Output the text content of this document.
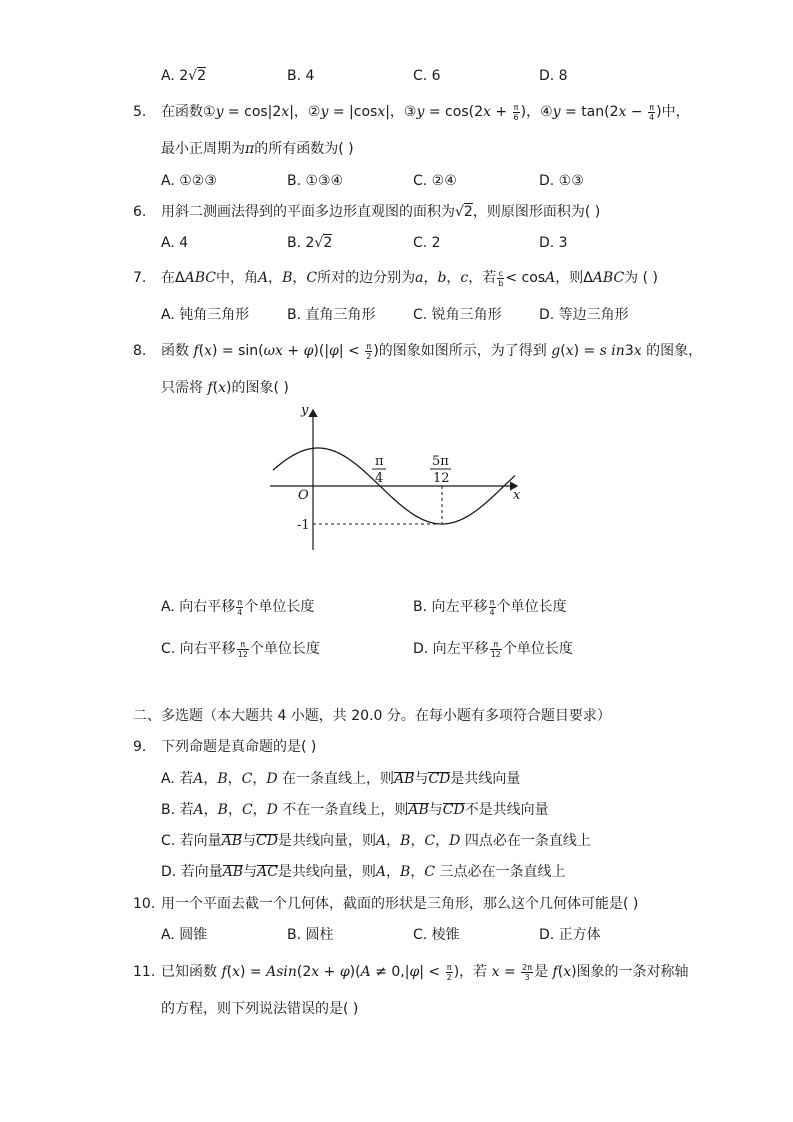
A. 2√2	B. 4	C. 6	D. 8
5. 在函数①y = cos|2x|，②y = |cosx|，③y = $\cos(2x + \frac{\pi}{6}$ )，④y = $\tan(2x - \frac{\pi}{4}$ )中，
最小正周期为π的所有函数为( )
A. ①②③	B. ①③④	C. ②④	D. ①③
6. 用斜二测画法得到的平面多边形直观图的面积为√2，则原图形面积为( )
A. 4	B. 2√2	C. 2	D. 3
7. 在ΔABC中，角A，B，C所对的边分别为a，b，c，若 $\frac{c}{b} < \cos A$，则ΔABC为 ( )
A. 钝角三角形	B. 直角三角形	C. 锐角三角形	D. 等边三角形
8. 函数 $f(x) = \sin(\omega x + \varphi)(|\varphi| < \frac{\pi}{2}$ )的图象如图所示，为了得到 g(x) = s in3x 的图象，
只需将 f(x)的图象( )
y
x
O
π
4
5π
12
-1
A. 向右平移 $\frac{\pi}{4}$ 个单位长度	B. 向左平移 $\frac{\pi}{4}$ 个单位长度
C. 向右平移 $\frac{\pi}{12}$ 个单位长度	D. 向左平移 $\frac{\pi}{12}$ 个单位长度
二、多选题（本大题共 4 小题，共 20.0 分。在每小题有多项符合题目要求）
9. 下列命题是真命题的是( )
A. 若A，B，C，D 在一条直线上，则AB与CD是共线向量
B. 若A，B，C，D 不在一条直线上，则AB与CD不是共线向量
C. 若向量AB与CD是共线向量，则A，B，C，D 四点必在一条直线上
D. 若向量AB与AC是共线向量，则A，B，C 三点必在一条直线上
10. 用一个平面去截一个几何体，截面的形状是三角形，那么这个几何体可能是( )
A. 圆锥	B. 圆柱	C. 棱锥	D. 正方体
11. 已知函数 $f(x) = Asin(2x + \varphi)(A \ne 0,|\varphi| < \frac{\pi}{2}$ )，若 $x = \frac{2\pi}{3}$ 是 f(x)图象的一条对称轴
的方程，则下列说法错误的是( )
